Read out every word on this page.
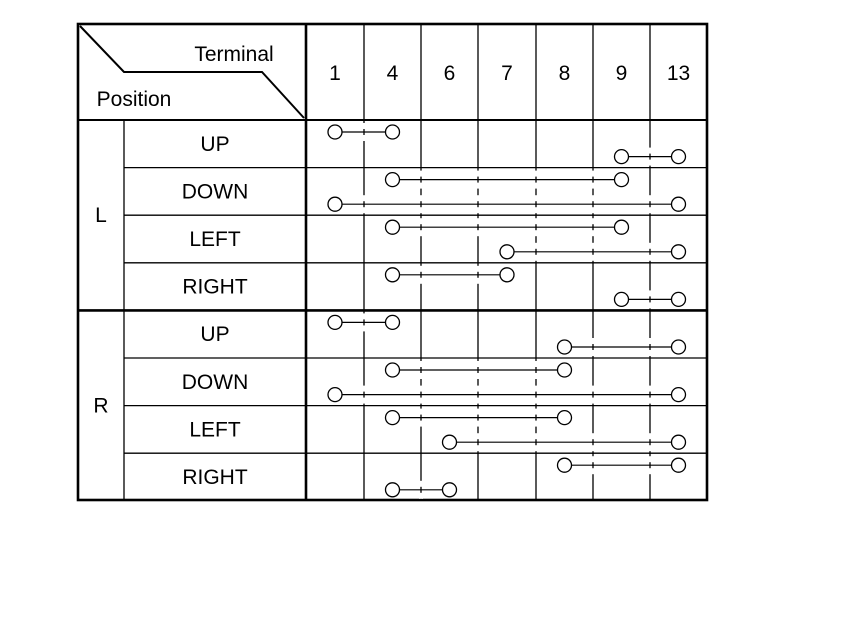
Terminal
Position
1 4 6 7 8 9 13
L
R
UP
DOWN
LEFT
RIGHT
UP
DOWN
LEFT
RIGHT
